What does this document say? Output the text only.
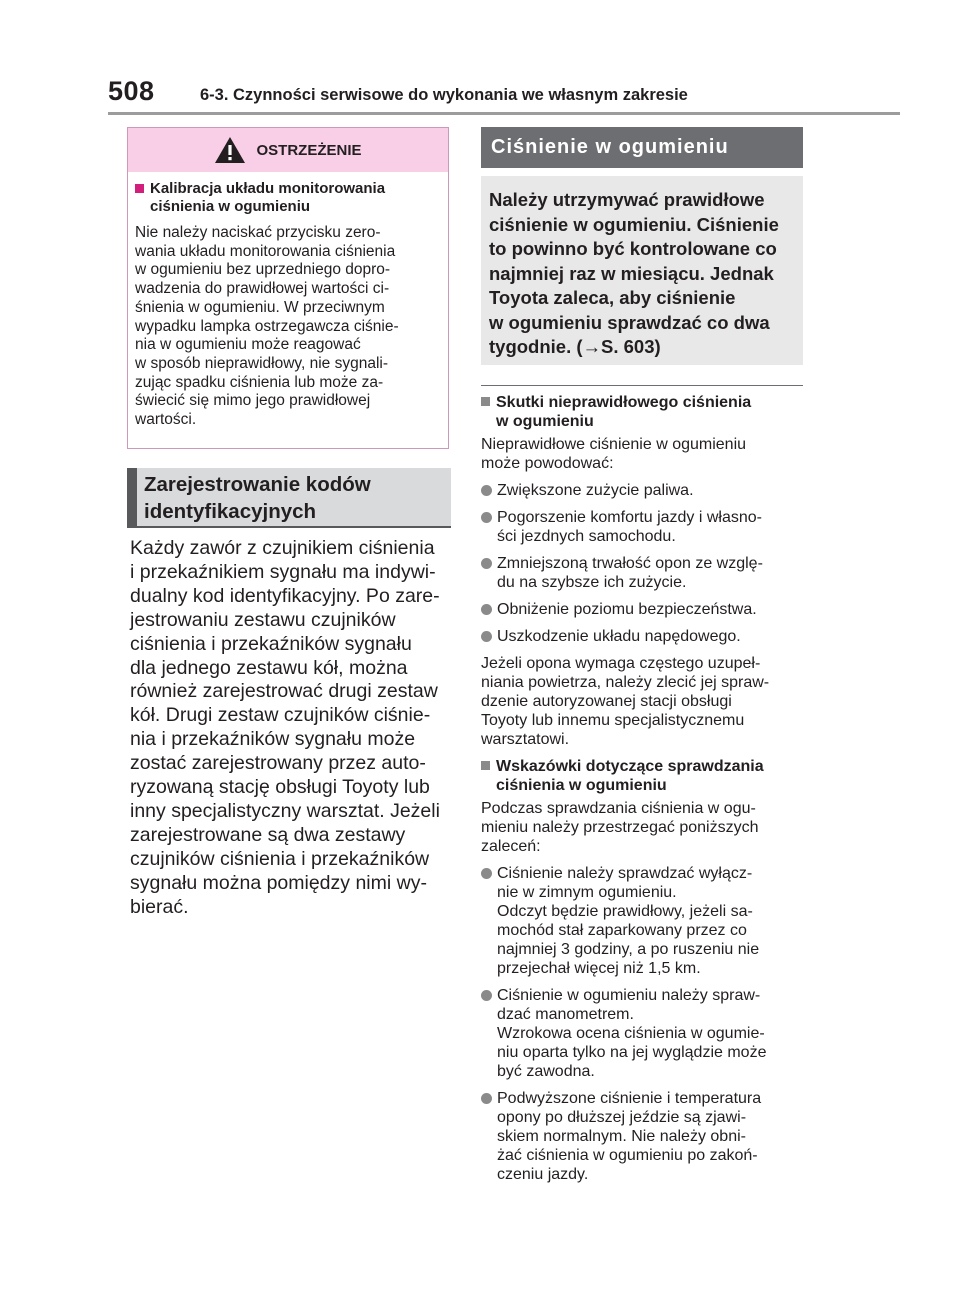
508	6-3. Czynności serwisowe do wykonania we własnym zakresie
OSTRZEŻENIE
Kalibracja układu monitorowania
ciśnienia w ogumieniu
Nie należy naciskać przycisku zero-
wania układu monitorowania ciśnienia
w ogumieniu bez uprzedniego dopro-
wadzenia do prawidłowej wartości ci-
śnienia w ogumieniu. W przeciwnym
wypadku lampka ostrzegawcza ciśnie-
nia w ogumieniu może reagować
w sposób nieprawidłowy, nie sygnali-
zując spadku ciśnienia lub może za-
świecić się mimo jego prawidłowej
wartości.
Zarejestrowanie kodów
identyfikacyjnych
Każdy zawór z czujnikiem ciśnienia
i przekaźnikiem sygnału ma indywi-
dualny kod identyfikacyjny. Po zare-
jestrowaniu zestawu czujników
ciśnienia i przekaźników sygnału
dla jednego zestawu kół, można
również zarejestrować drugi zestaw
kół. Drugi zestaw czujników ciśnie-
nia i przekaźników sygnału może
zostać zarejestrowany przez auto-
ryzowaną stację obsługi Toyoty lub
inny specjalistyczny warsztat. Jeżeli
zarejestrowane są dwa zestawy
czujników ciśnienia i przekaźników
sygnału można pomiędzy nimi wy-
bierać.
Ciśnienie w ogumieniu
Należy utrzymywać prawidłowe
ciśnienie w ogumieniu. Ciśnienie
to powinno być kontrolowane co
najmniej raz w miesiącu. Jednak
Toyota zaleca, aby ciśnienie
w ogumieniu sprawdzać co dwa
tygodnie. (→S. 603)
Skutki nieprawidłowego ciśnienia
w ogumieniu
Nieprawidłowe ciśnienie w ogumieniu
może powodować:
Zwiększone zużycie paliwa.
Pogorszenie komfortu jazdy i własno-
ści jezdnych samochodu.
Zmniejszoną trwałość opon ze wzglę-
du na szybsze ich zużycie.
Obniżenie poziomu bezpieczeństwa.
Uszkodzenie układu napędowego.
Jeżeli opona wymaga częstego uzupeł-
niania powietrza, należy zlecić jej spraw-
dzenie autoryzowanej stacji obsługi
Toyoty lub innemu specjalistycznemu
warsztatowi.
Wskazówki dotyczące sprawdzania
ciśnienia w ogumieniu
Podczas sprawdzania ciśnienia w ogu-
mieniu należy przestrzegać poniższych
zaleceń:
Ciśnienie należy sprawdzać wyłącz-
nie w zimnym ogumieniu.
Odczyt będzie prawidłowy, jeżeli sa-
mochód stał zaparkowany przez co
najmniej 3 godziny, a po ruszeniu nie
przejechał więcej niż 1,5 km.
Ciśnienie w ogumieniu należy spraw-
dzać manometrem.
Wzrokowa ocena ciśnienia w ogumie-
niu oparta tylko na jej wyglądzie może
być zawodna.
Podwyższone ciśnienie i temperatura
opony po dłuższej jeździe są zjawi-
skiem normalnym. Nie należy obni-
żać ciśnienia w ogumieniu po zakoń-
czeniu jazdy.
